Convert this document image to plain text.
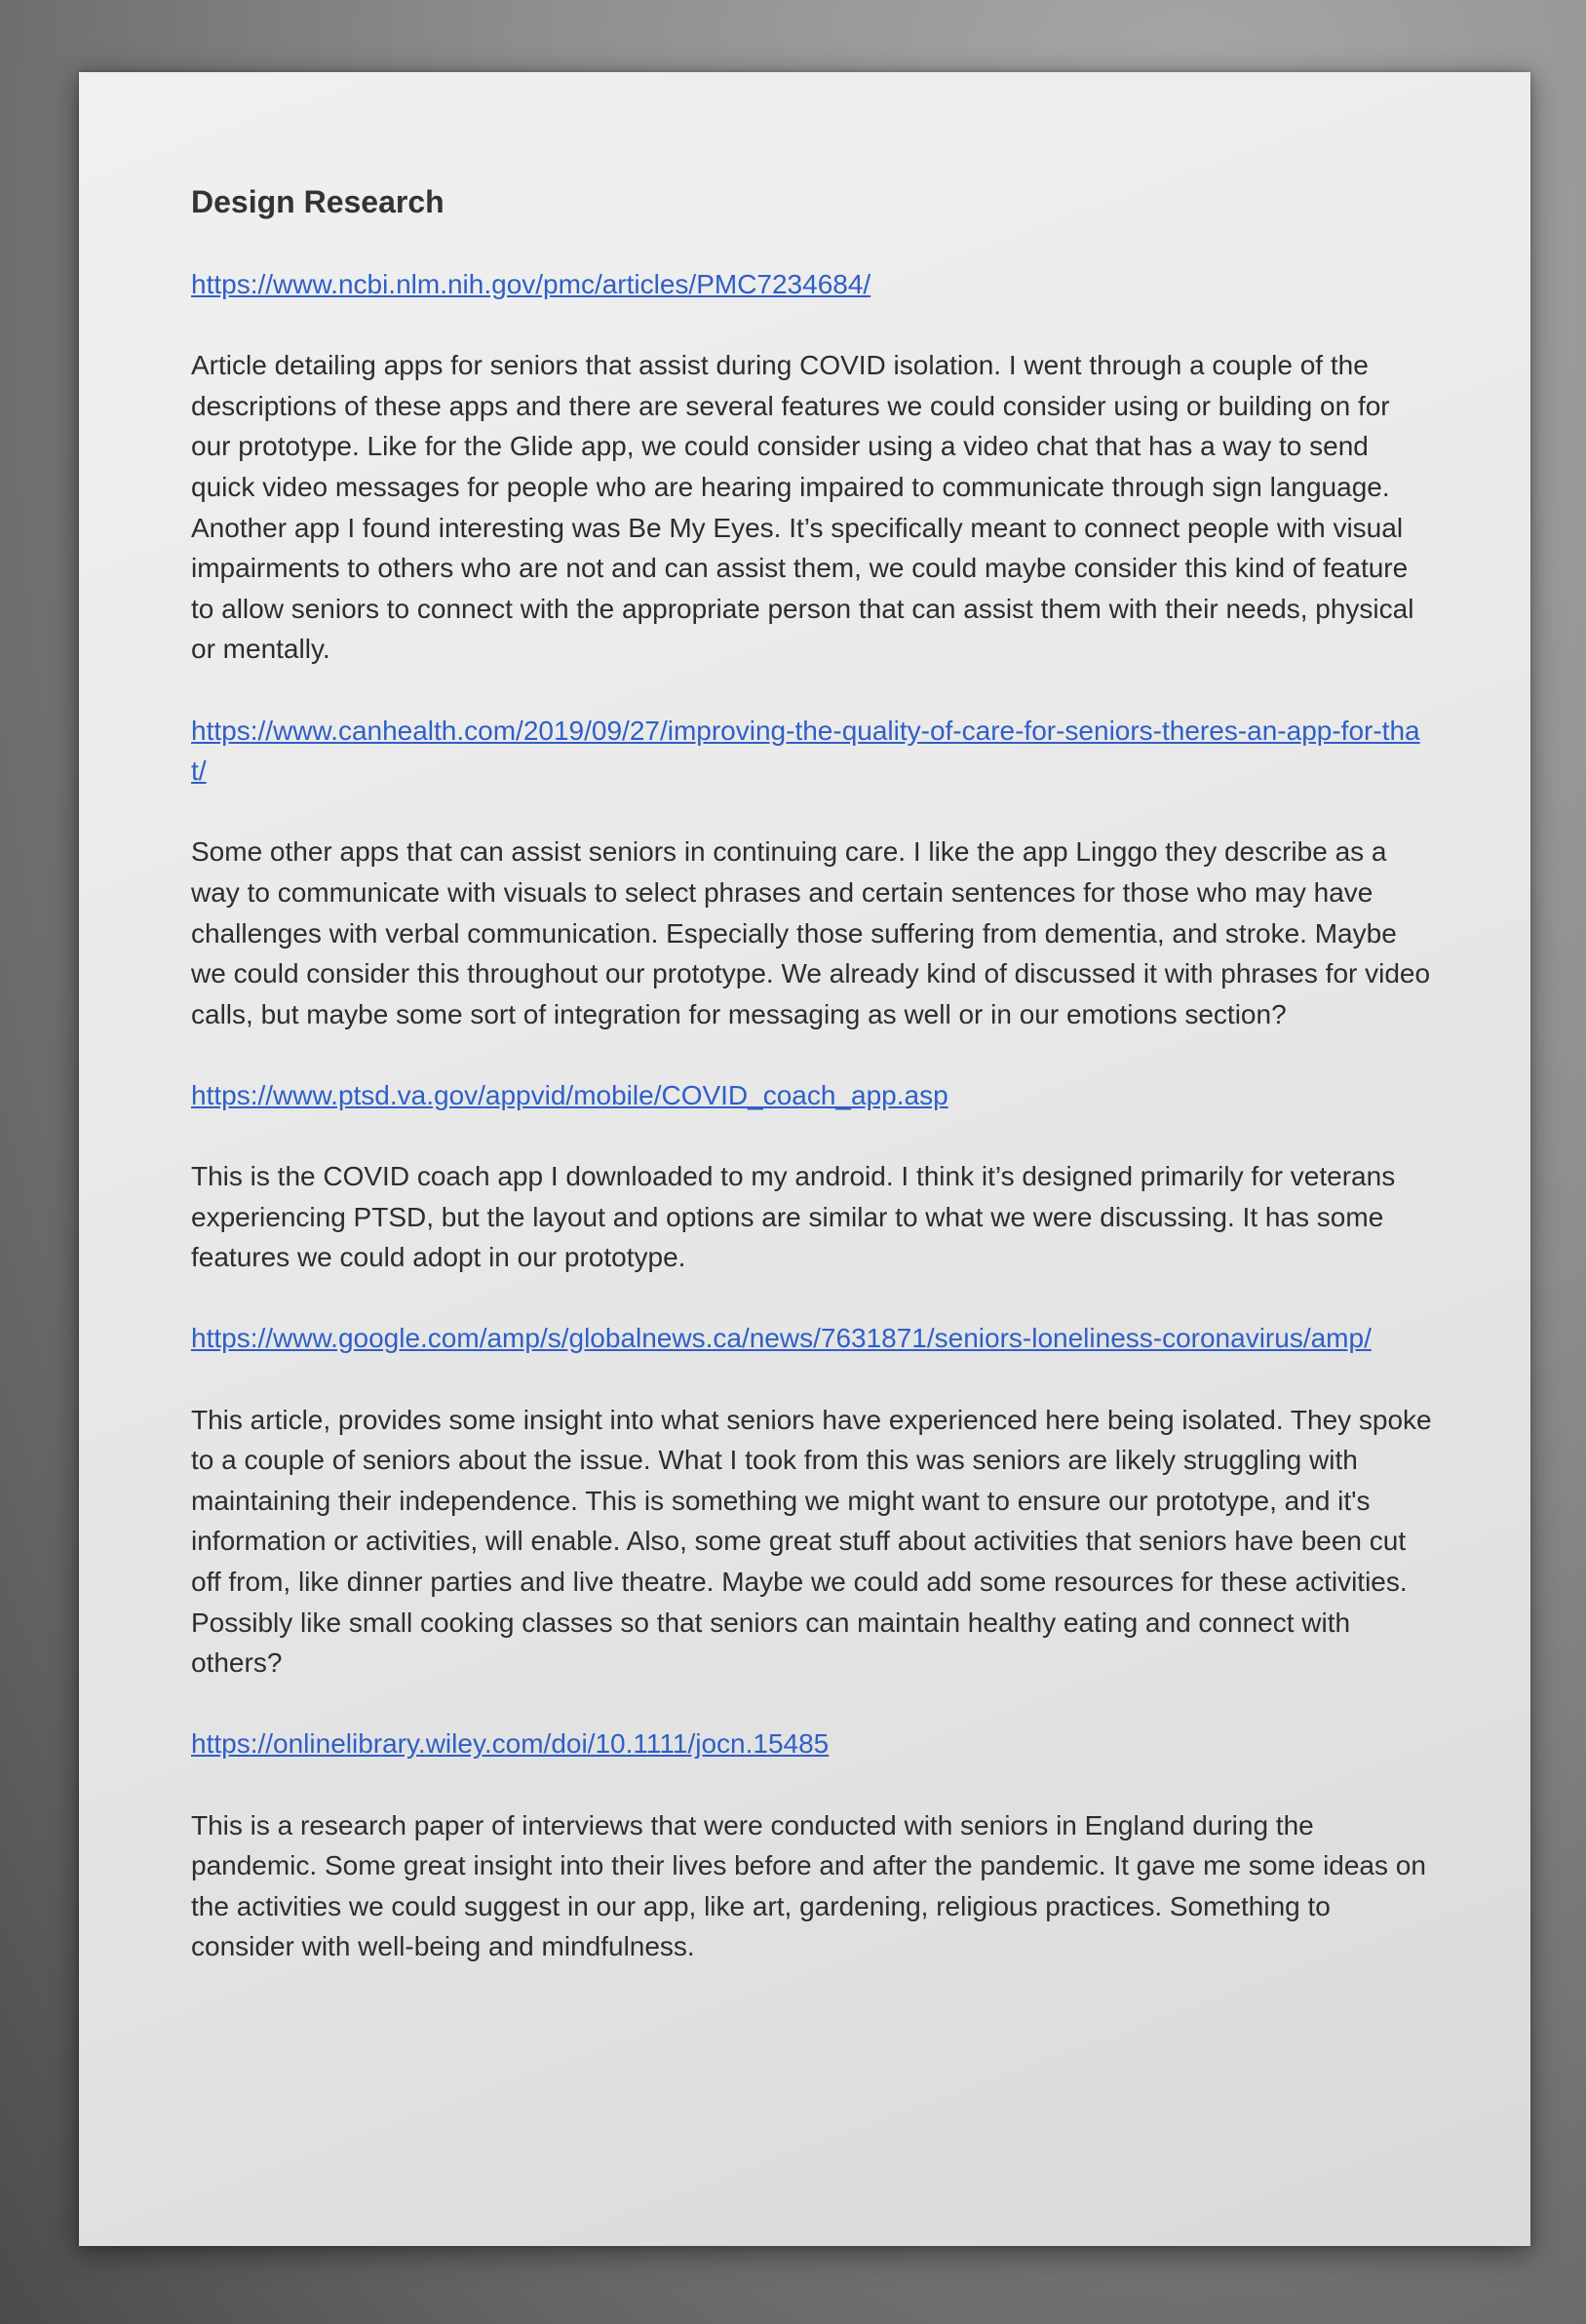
Design Research
https://www.ncbi.nlm.nih.gov/pmc/articles/PMC7234684/

Article detailing apps for seniors that assist during COVID isolation. I went through a couple of the descriptions of these apps and there are several features we could consider using or building on for our prototype. Like for the Glide app, we could consider using a video chat that has a way to send quick video messages for people who are hearing impaired to communicate through sign language. Another app I found interesting was Be My Eyes. It’s specifically meant to connect people with visual impairments to others who are not and can assist them, we could maybe consider this kind of feature to allow seniors to connect with the appropriate person that can assist them with their needs, physical or mentally.

https://www.canhealth.com/2019/09/27/improving-the-quality-of-care-for-seniors-theres-an-app-for-that/

Some other apps that can assist seniors in continuing care. I like the app Linggo they describe as a way to communicate with visuals to select phrases and certain sentences for those who may have challenges with verbal communication. Especially those suffering from dementia, and stroke. Maybe we could consider this throughout our prototype. We already kind of discussed it with phrases for video calls, but maybe some sort of integration for messaging as well or in our emotions section?

https://www.ptsd.va.gov/appvid/mobile/COVID_coach_app.asp

This is the COVID coach app I downloaded to my android. I think it’s designed primarily for veterans experiencing PTSD, but the layout and options are similar to what we were discussing. It has some features we could adopt in our prototype.

https://www.google.com/amp/s/globalnews.ca/news/7631871/seniors-loneliness-coronavirus/amp/

This article, provides some insight into what seniors have experienced here being isolated. They spoke to a couple of seniors about the issue. What I took from this was seniors are likely struggling with maintaining their independence. This is something we might want to ensure our prototype, and it's information or activities, will enable. Also, some great stuff about activities that seniors have been cut off from, like dinner parties and live theatre. Maybe we could add some resources for these activities. Possibly like small cooking classes so that seniors can maintain healthy eating and connect with others?

https://onlinelibrary.wiley.com/doi/10.1111/jocn.15485

This is a research paper of interviews that were conducted with seniors in England during the pandemic. Some great insight into their lives before and after the pandemic. It gave me some ideas on the activities we could suggest in our app, like art, gardening, religious practices. Something to consider with well-being and mindfulness.
